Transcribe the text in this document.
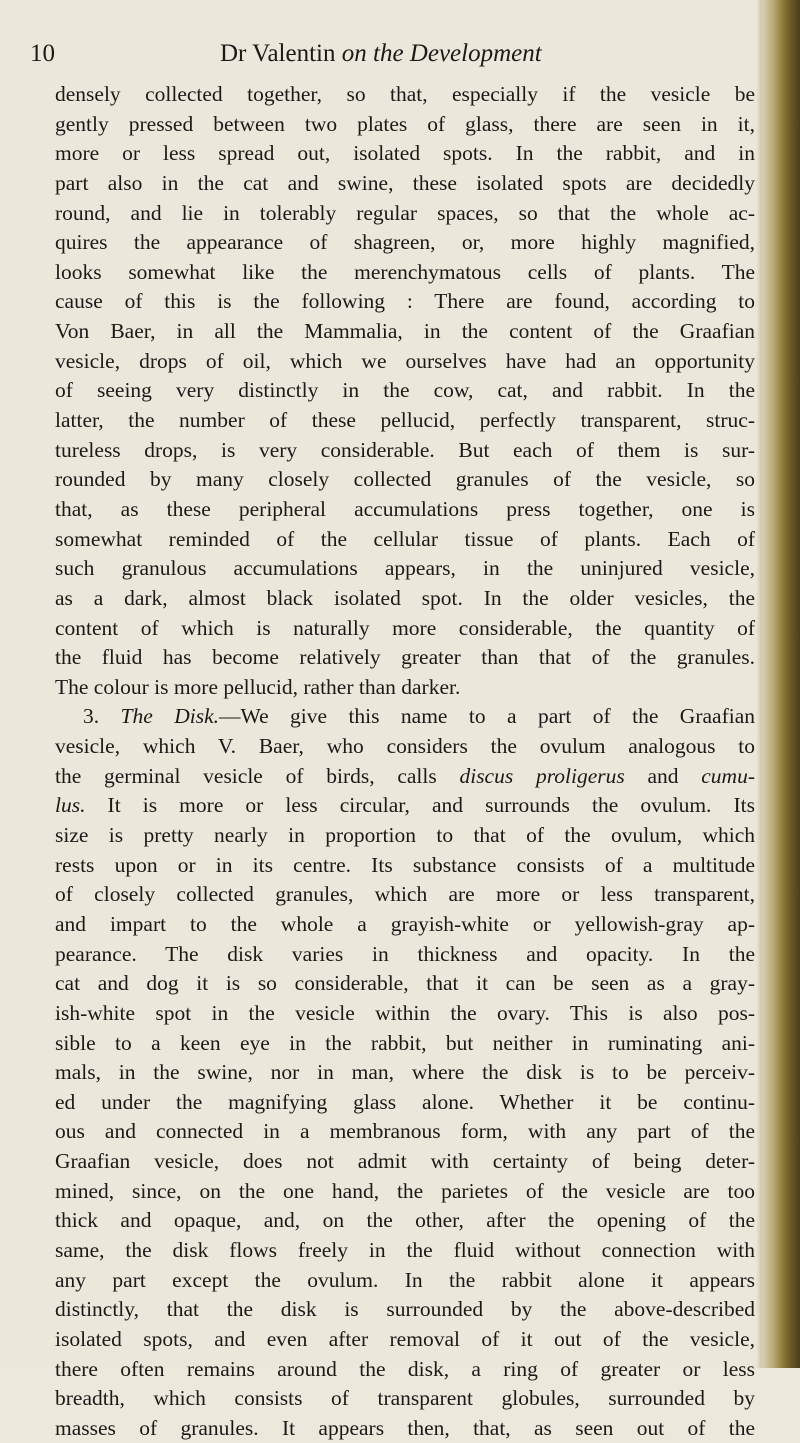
10	Dr Valentin on the Development
densely collected together, so that, especially if the vesicle be
gently pressed between two plates of glass, there are seen in it,
more or less spread out, isolated spots. In the rabbit, and in
part also in the cat and swine, these isolated spots are decidedly
round, and lie in tolerably regular spaces, so that the whole ac-
quires the appearance of shagreen, or, more highly magnified,
looks somewhat like the merenchymatous cells of plants. The
cause of this is the following : There are found, according to
Von Baer, in all the Mammalia, in the content of the Graafian
vesicle, drops of oil, which we ourselves have had an opportunity
of seeing very distinctly in the cow, cat, and rabbit. In the
latter, the number of these pellucid, perfectly transparent, struc-
tureless drops, is very considerable. But each of them is sur-
rounded by many closely collected granules of the vesicle, so
that, as these peripheral accumulations press together, one is
somewhat reminded of the cellular tissue of plants. Each of
such granulous accumulations appears, in the uninjured vesicle,
as a dark, almost black isolated spot. In the older vesicles, the
content of which is naturally more considerable, the quantity of
the fluid has become relatively greater than that of the granules.
The colour is more pellucid, rather than darker.
3. The Disk.—We give this name to a part of the Graafian
vesicle, which V. Baer, who considers the ovulum analogous to
the germinal vesicle of birds, calls discus proligerus and cumu-
lus. It is more or less circular, and surrounds the ovulum. Its
size is pretty nearly in proportion to that of the ovulum, which
rests upon or in its centre. Its substance consists of a multitude
of closely collected granules, which are more or less transparent,
and impart to the whole a grayish-white or yellowish-gray ap-
pearance. The disk varies in thickness and opacity. In the
cat and dog it is so considerable, that it can be seen as a gray-
ish-white spot in the vesicle within the ovary. This is also pos-
sible to a keen eye in the rabbit, but neither in ruminating ani-
mals, in the swine, nor in man, where the disk is to be perceiv-
ed under the magnifying glass alone. Whether it be continu-
ous and connected in a membranous form, with any part of the
Graafian vesicle, does not admit with certainty of being deter-
mined, since, on the one hand, the parietes of the vesicle are too
thick and opaque, and, on the other, after the opening of the
same, the disk flows freely in the fluid without connection with
any part except the ovulum. In the rabbit alone it appears
distinctly, that the disk is surrounded by the above-described
isolated spots, and even after removal of it out of the vesicle,
there often remains around the disk, a ring of greater or less
breadth, which consists of transparent globules, surrounded by
masses of granules. It appears then, that, as seen out of the
